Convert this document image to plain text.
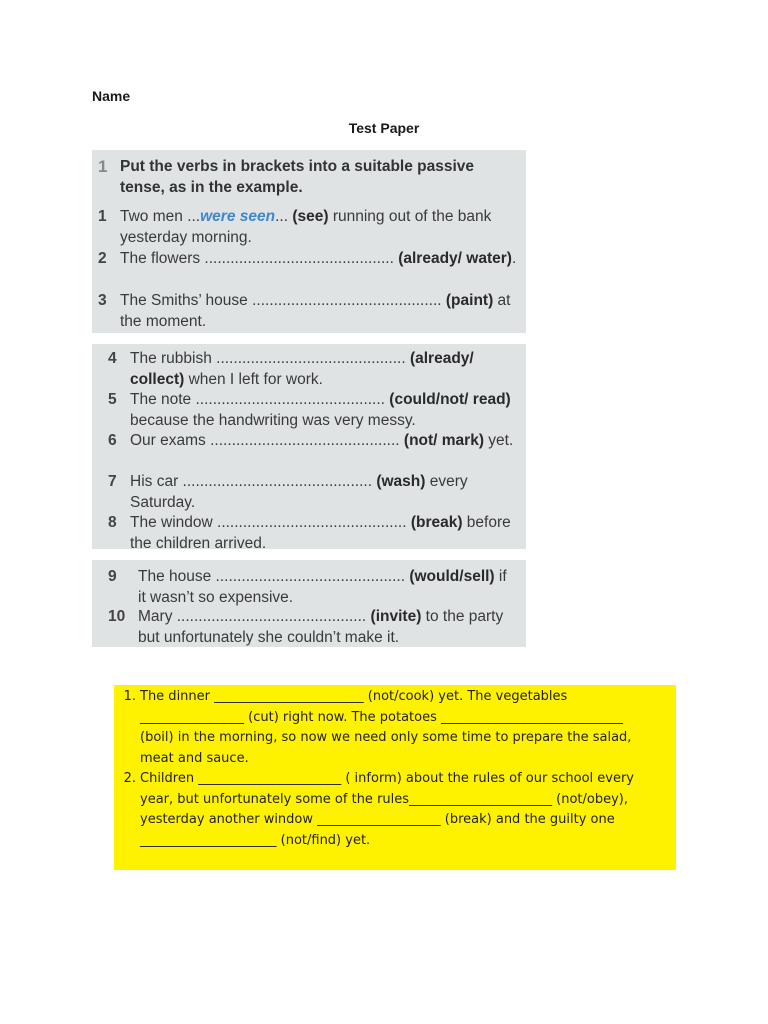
Name
Test Paper
1 Put the verbs in brackets into a suitable passive tense, as in the example.
1 Two men ...were seen... (see) running out of the bank yesterday morning.
2 The flowers ............................................ (already/ water).
3 The Smiths’ house ............................................ (paint) at the moment.
4 The rubbish ............................................ (already/ collect) when I left for work.
5 The note ............................................ (could/not/ read) because the handwriting was very messy.
6 Our exams ............................................ (not/ mark) yet.
7 His car ............................................ (wash) every Saturday.
8 The window ............................................ (break) before the children arrived.
9	The house ............................................ (would/sell) if it wasn’t so expensive.
10 Mary ............................................ (invite) to the party but unfortunately she couldn’t make it.
1. The dinner _______________________ (not/cook) yet. The vegetables ________________ (cut) right now. The potatoes ____________________________ (boil) in the morning, so now we need only some time to prepare the salad, meat and sauce.
2. Children ______________________ ( inform) about the rules of our school every year, but unfortunately some of the rules______________________ (not/obey), yesterday another window ___________________ (break) and the guilty one _____________________ (not/find) yet.
